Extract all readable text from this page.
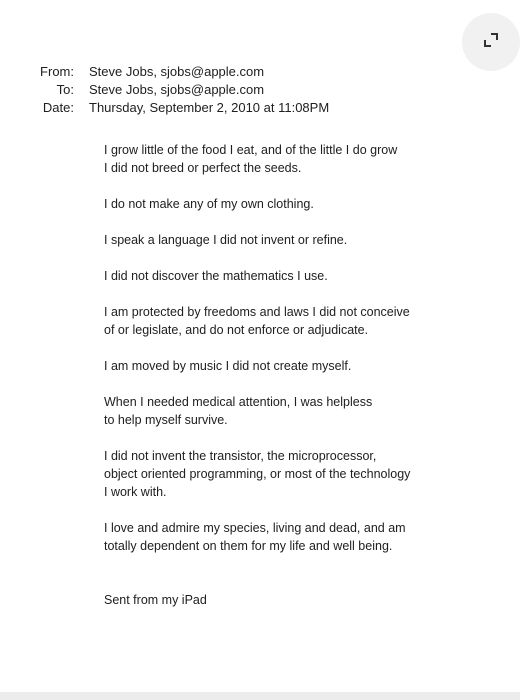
From: Steve Jobs, sjobs@apple.com
To: Steve Jobs, sjobs@apple.com
Date: Thursday, September 2, 2010 at 11:08PM

I grow little of the food I eat, and of the little I do grow
I did not breed or perfect the seeds.

I do not make any of my own clothing.

I speak a language I did not invent or refine.

I did not discover the mathematics I use.

I am protected by freedoms and laws I did not conceive
of or legislate, and do not enforce or adjudicate.

I am moved by music I did not create myself.

When I needed medical attention, I was helpless
to help myself survive.

I did not invent the transistor, the microprocessor,
object oriented programming, or most of the technology
I work with.

I love and admire my species, living and dead, and am
totally dependent on them for my life and well being.

Sent from my iPad
